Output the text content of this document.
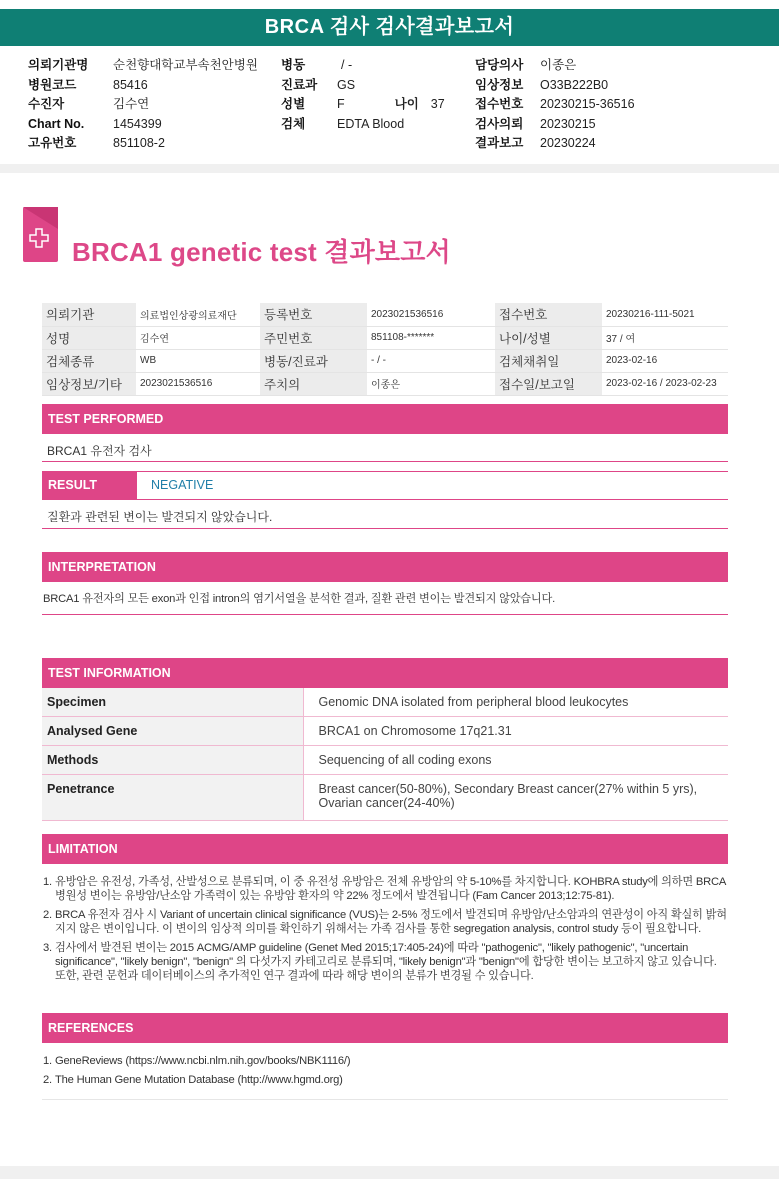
BRCA 검사 검사결과보고서
의뢰기관명 순천향대학교부속천안병원
병원코드	85416
수진자	김수연
Chart No. 1454399
고유번호	851108-2
병동	/ -
진료과 GS
성별	F	나이 37
검체	EDTA Blood
담당의사 이종은
임상정보 O33B222B0
접수번호 20230215-36516
검사의뢰 20230215
결과보고 20230224
BRCA1 genetic test 결과보고서
의뢰기관	의료법인상광의료재단	등록번호	2023021536516	접수번호	20230216-111-5021
성명	김수연	주민번호	851108-*******	나이/성별	37 / 여
검체종류	WB	병동/진료과	- / -	검체채취일	2023-02-16
임상정보/기타	2023021536516	주치의	이종은	접수일/보고일	2023-02-16 / 2023-02-23
TEST PERFORMED
BRCA1 유전자 검사
RESULT	NEGATIVE
질환과 관련된 변이는 발견되지 않았습니다.
INTERPRETATION
BRCA1 유전자의 모든 exon과 인접 intron의 염기서열을 분석한 결과, 질환 관련 변이는 발견되지 않았습니다.
TEST INFORMATION
Specimen	Genomic DNA isolated from peripheral blood leukocytes
Analysed Gene	BRCA1 on Chromosome 17q21.31
Methods	Sequencing of all coding exons
Penetrance	Breast cancer(50-80%), Secondary Breast cancer(27% within 5 yrs), Ovarian cancer(24-40%)
LIMITATION
1. 유방암은 유전성, 가족성, 산발성으로 분류되며, 이 중 유전성 유방암은 전체 유방암의 약 5-10%를 차지합니다. KOHBRA study에 의하면 BRCA 병원성 변이는 유방암/난소암 가족력이 있는 유방암 환자의 약 22% 정도에서 발견됩니다 (Fam Cancer 2013;12:75-81).
2. BRCA 유전자 검사 시 Variant of uncertain clinical significance (VUS)는 2-5% 정도에서 발견되며 유방암/난소암과의 연관성이 아직 확실히 밝혀지지 않은 변이입니다. 이 변이의 임상적 의미를 확인하기 위해서는 가족 검사를 통한 segregation analysis, control study 등이 필요합니다.
3. 검사에서 발견된 변이는 2015 ACMG/AMP guideline (Genet Med 2015;17:405-24)에 따라 "pathogenic", "likely pathogenic", "uncertain significance", "likely benign", "benign" 의 다섯가지 카테고리로 분류되며, "likely benign"과 "benign"에 합당한 변이는 보고하지 않고 있습니다. 또한, 관련 문헌과 데이터베이스의 추가적인 연구 결과에 따라 해당 변이의 분류가 변경될 수 있습니다.
REFERENCES
1. GeneReviews (https://www.ncbi.nlm.nih.gov/books/NBK1116/)
2. The Human Gene Mutation Database (http://www.hgmd.org)
